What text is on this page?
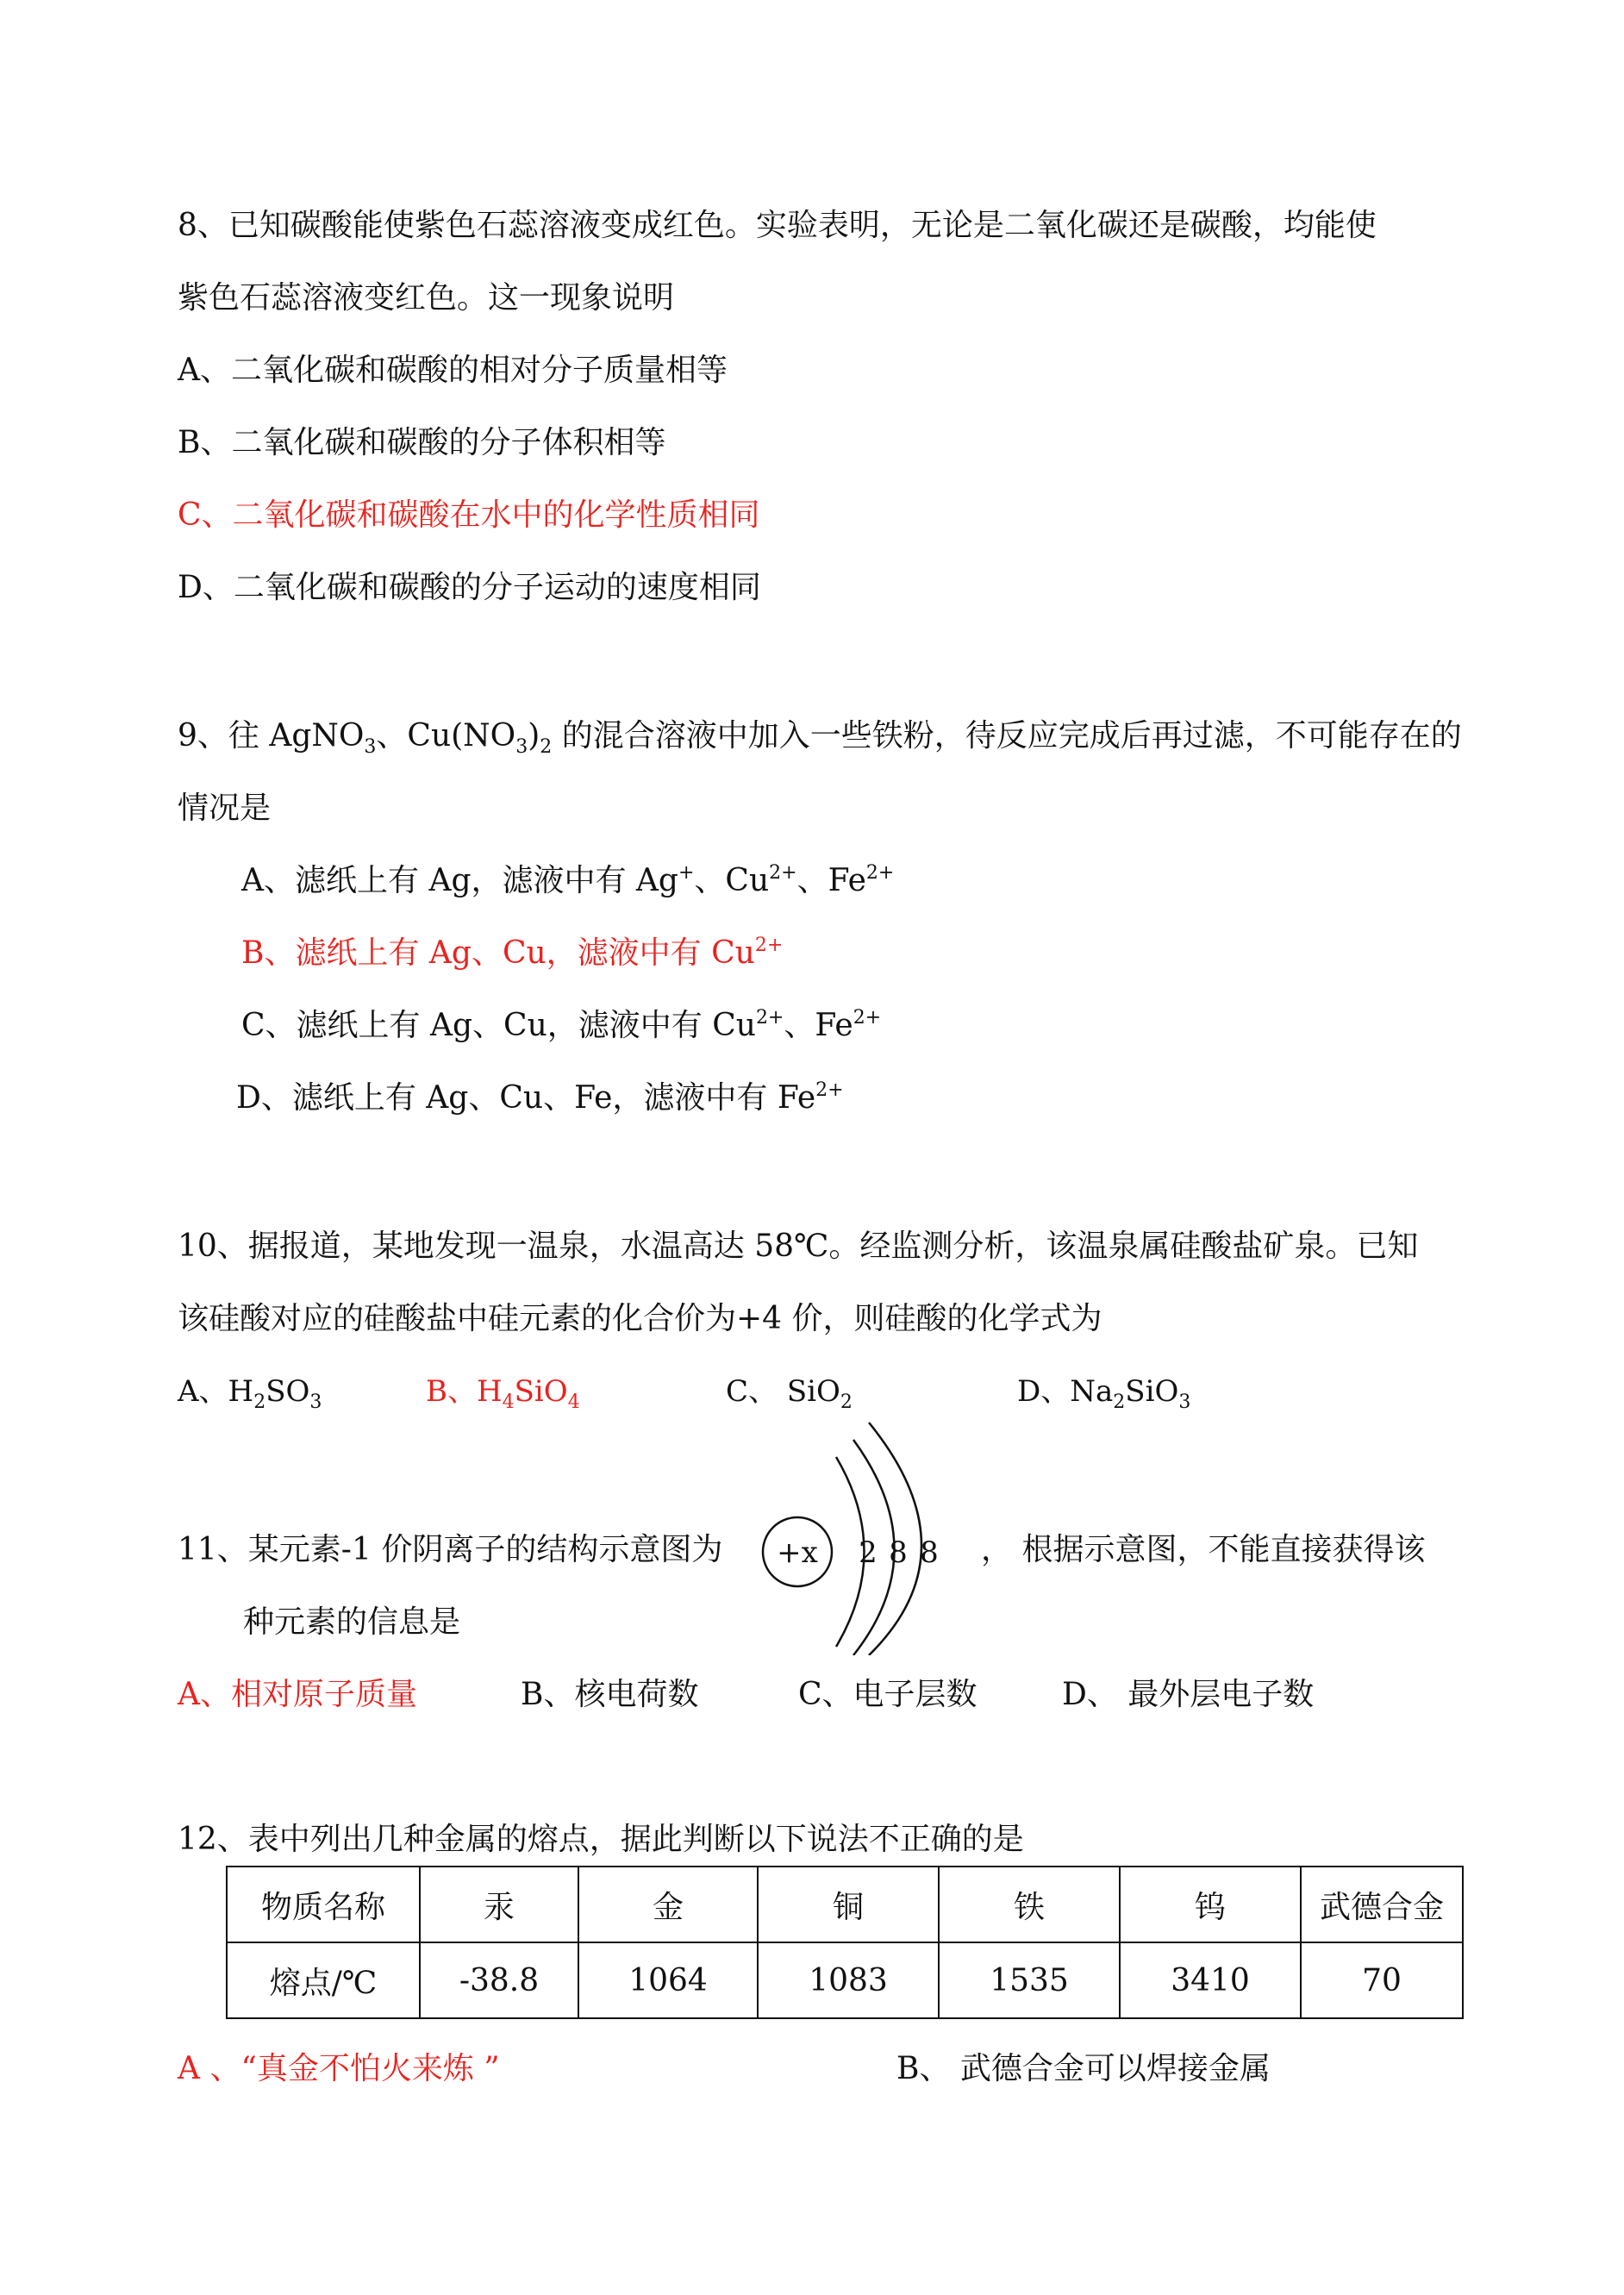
8、已知碳酸能使紫色石蕊溶液变成红色。实验表明，无论是二氧化碳还是碳酸，均能使
紫色石蕊溶液变红色。这一现象说明
A、二氧化碳和碳酸的相对分子质量相等
B、二氧化碳和碳酸的分子体积相等
C、二氧化碳和碳酸在水中的化学性质相同
D、二氧化碳和碳酸的分子运动的速度相同
9、往 AgNO$_3$、$Cu(NO_3)_2$ 的混合溶液中加入一些铁粉，待反应完成后再过滤，不可能存在的
情况是
A、滤纸上有 Ag，滤液中有 Ag+、$Cu^{2+}$、$Fe^{2+}$
B、滤纸上有 Ag、Cu，滤液中有 $Cu^{2+}$
C、滤纸上有 Ag、Cu，滤液中有 $Cu^{2+}$、$Fe^{2+}$
D、滤纸上有 Ag、Cu、Fe，滤液中有 $Fe^{2+}$
10、据报道，某地发现一温泉，水温高达 58℃。经监测分析，该温泉属硅酸盐矿泉。已知
该硅酸对应的硅酸盐中硅元素的化合价为+4 价，则硅酸的化学式为
A、$H_2SO_3$	B、$H_4SiO_4$	C、 SiO$_2$	D、$Na_2SiO_3$
11、某元素-1 价阴离子的结构示意图为 +x 2 8 8 ， 根据示意图，不能直接获得该
种元素的信息是
A、相对原子质量	B、核电荷数	C、电子层数	D、 最外层电子数
12、表中列出几种金属的熔点，据此判断以下说法不正确的是
物质名称	汞	金	铜	铁	钨	武德合金
熔点/℃	-38.8	1064	1083	1535	3410	70
A 、“真金不怕火来炼 ”	B、 武德合金可以焊接金属
